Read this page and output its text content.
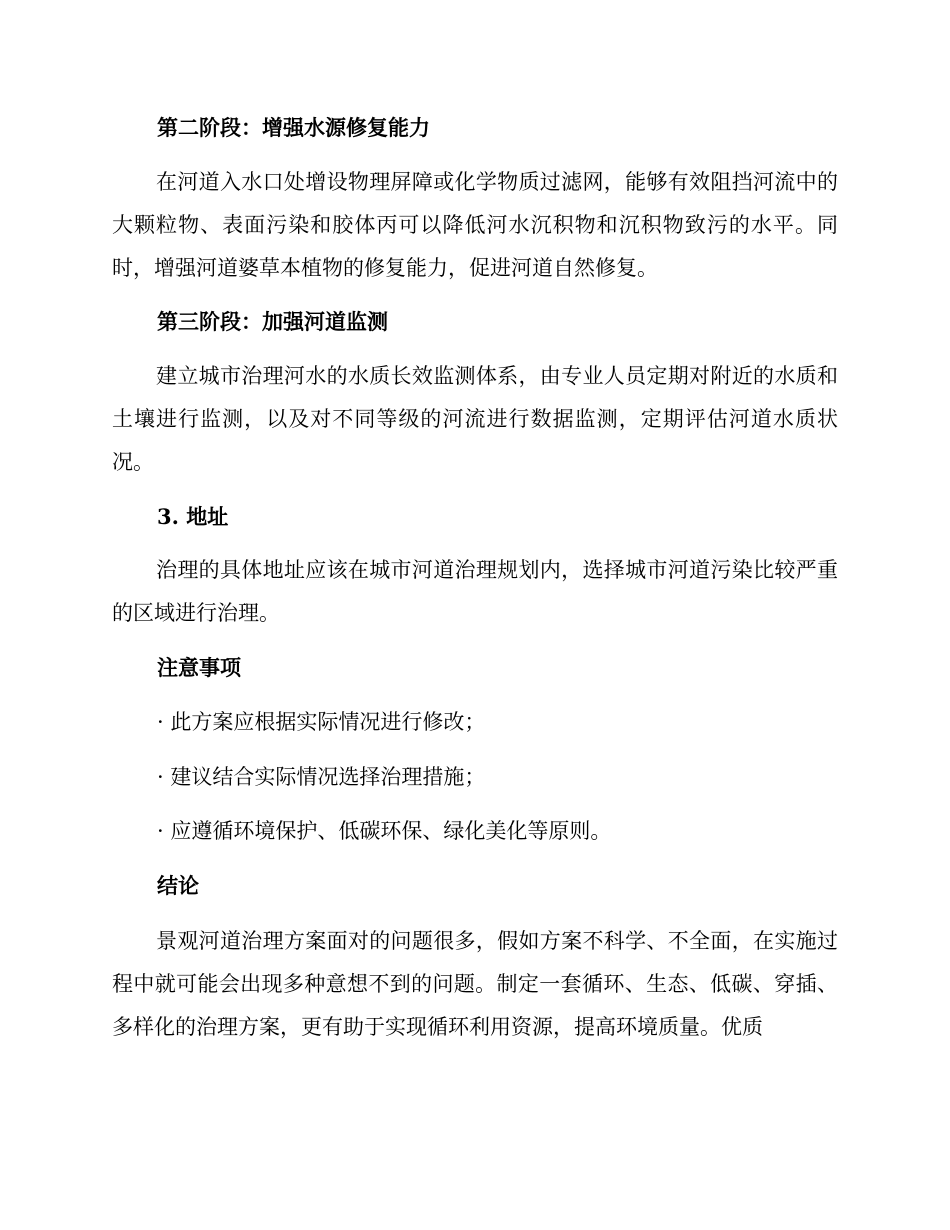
第二阶段：增强水源修复能力

在河道入水口处增设物理屏障或化学物质过滤网，能够有效阻挡河流中的大颗粒物、表面污染和胶体丙可以降低河水沉积物和沉积物致污的水平。同时，增强河道婆草本植物的修复能力，促进河道自然修复。

第三阶段：加强河道监测

建立城市治理河水的水质长效监测体系，由专业人员定期对附近的水质和土壤进行监测，以及对不同等级的河流进行数据监测，定期评估河道水质状况。

3. 地址

治理的具体地址应该在城市河道治理规划内，选择城市河道污染比较严重的区域进行治理。

注意事项

· 此方案应根据实际情况进行修改；

· 建议结合实际情况选择治理措施；

· 应遵循环境保护、低碳环保、绿化美化等原则。

结论

景观河道治理方案面对的问题很多，假如方案不科学、不全面，在实施过程中就可能会出现多种意想不到的问题。制定一套循环、生态、低碳、穿插、多样化的治理方案，更有助于实现循环利用资源，提高环境质量。优质
